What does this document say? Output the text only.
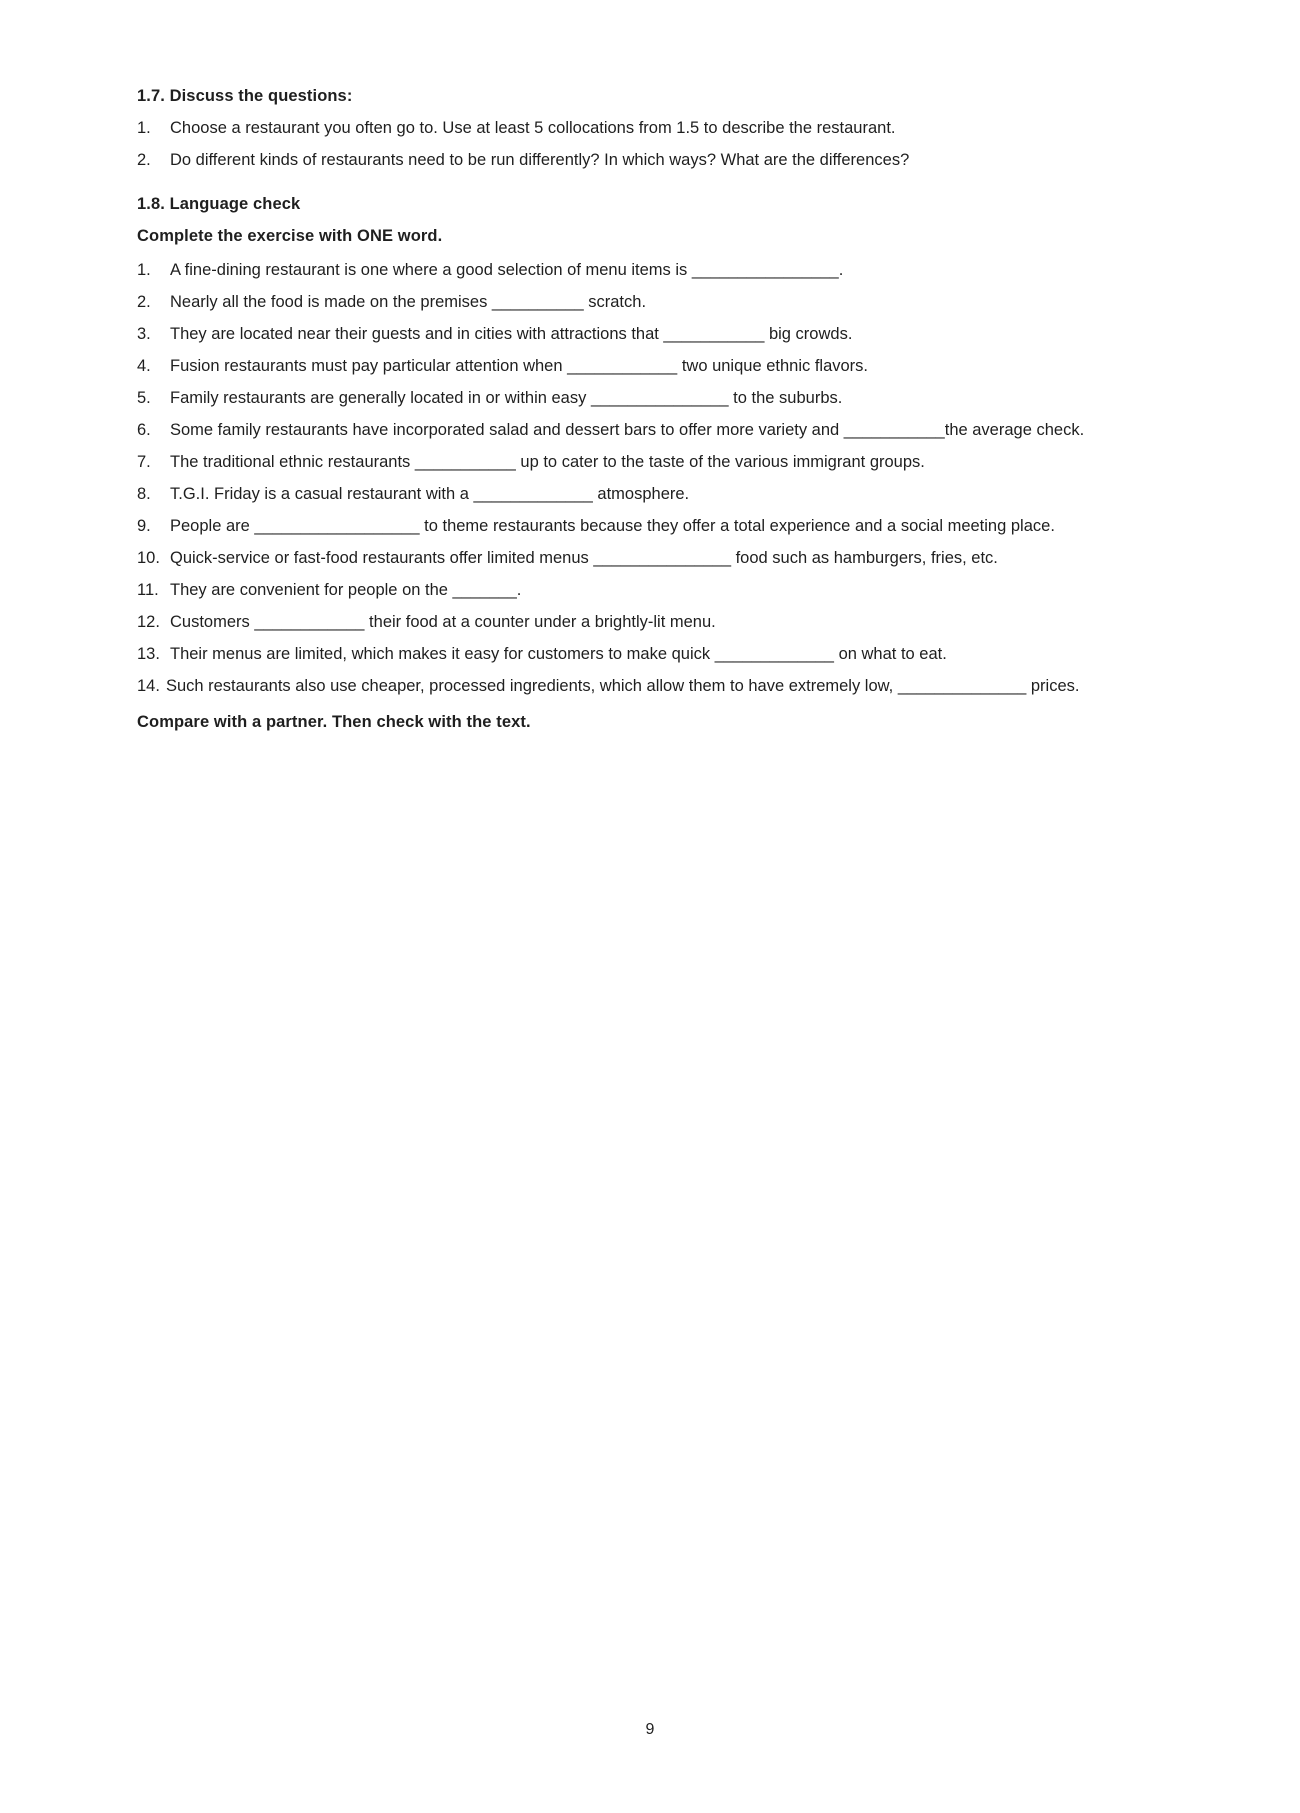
1.7. Discuss the questions:

1.	Choose a restaurant you often go to. Use at least 5 collocations from 1.5 to describe the restaurant.
2.	Do different kinds of restaurants need to be run differently? In which ways? What are the differences?

1.8. Language check

Complete the exercise with ONE word.

1.	A fine-dining restaurant is one where a good selection of menu items is ________________.
2.	Nearly all the food is made on the premises __________ scratch.
3.	They are located near their guests and in cities with attractions that ___________ big crowds.
4.	Fusion restaurants must pay particular attention when ____________ two unique ethnic flavors.
5.	Family restaurants are generally located in or within easy _______________ to the suburbs.
6.	Some family restaurants have incorporated salad and dessert bars to offer more variety and ___________the average check.
7.	The traditional ethnic restaurants ___________ up to cater to the taste of the various immigrant groups.
8.	T.G.I. Friday is a casual restaurant with a _____________ atmosphere.
9.	People are __________________ to theme restaurants because they offer a total experience and a social meeting place.
10. Quick-service or fast-food restaurants offer limited menus _______________ food such as hamburgers, fries, etc.
11. They are convenient for people on the _______.
12. Customers ____________ their food at a counter under a brightly-lit menu.
13. Their menus are limited, which makes it easy for customers to make quick _____________ on what to eat.
14. Such restaurants also use cheaper, processed ingredients, which allow them to have extremely low, ______________ prices.

Compare with a partner. Then check with the text.

9
